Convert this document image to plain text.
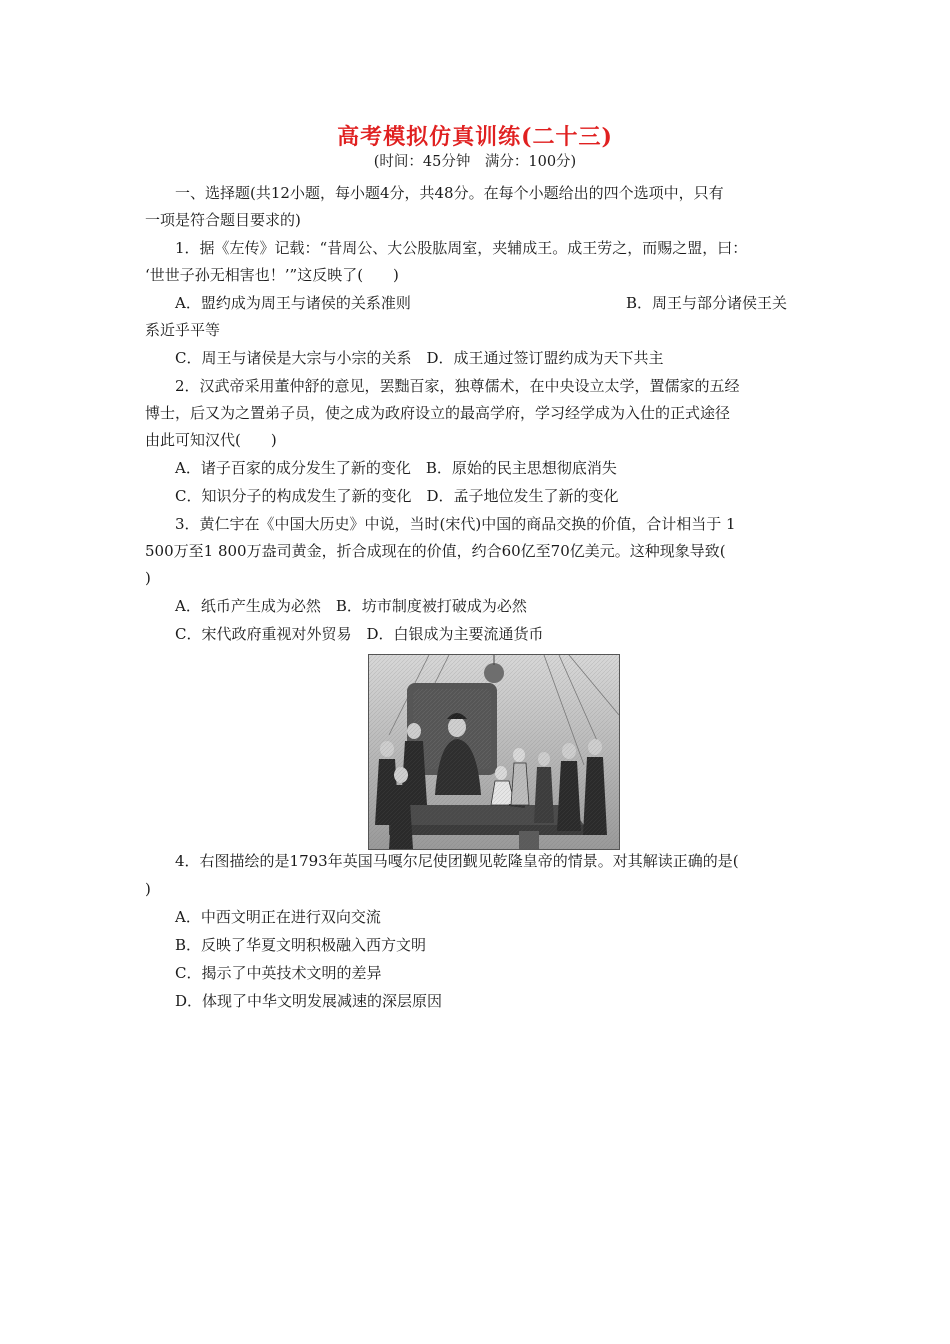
高考模拟仿真训练(二十三)
(时间：45分钟　满分：100分)
一、选择题(共12小题，每小题4分，共48分。在每个小题给出的四个选项中，只有
一项是符合题目要求的)
1．据《左传》记载：“昔周公、大公股肱周室，夹辅成王。成王劳之，而赐之盟，曰：
‘世世子孙无相害也！’”这反映了(　　)
A．盟约成为周王与诸侯的关系准则	B．周王与部分诸侯王关
系近乎平等
C．周王与诸侯是大宗与小宗的关系　D．成王通过签订盟约成为天下共主
2．汉武帝采用董仲舒的意见，罢黜百家，独尊儒术，在中央设立太学，置儒家的五经
博士，后又为之置弟子员，使之成为政府设立的最高学府，学习经学成为入仕的正式途径
由此可知汉代(　　)
A．诸子百家的成分发生了新的变化　B．原始的民主思想彻底消失
C．知识分子的构成发生了新的变化　D．孟子地位发生了新的变化
3．黄仁宇在《中国大历史》中说，当时(宋代)中国的商品交换的价值，合计相当于 1
500万至1 800万盎司黄金，折合成现在的价值，约合60亿至70亿美元。这种现象导致(
)
A．纸币产生成为必然　B．坊市制度被打破成为必然
C．宋代政府重视对外贸易　D．白银成为主要流通货币
4．右图描绘的是1793年英国马嘎尔尼使团觐见乾隆皇帝的情景。对其解读正确的是(
)
A．中西文明正在进行双向交流
B．反映了华夏文明积极融入西方文明
C．揭示了中英技术文明的差异
D．体现了中华文明发展减速的深层原因
